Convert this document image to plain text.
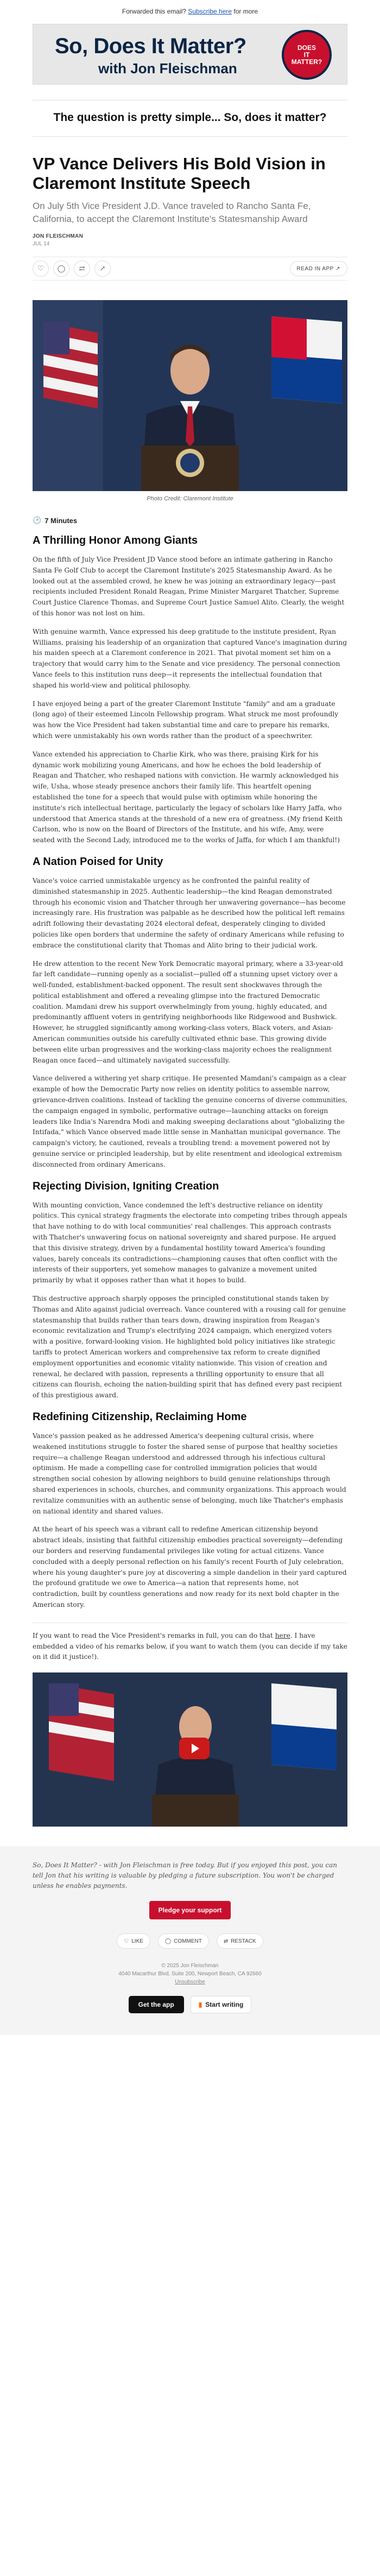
Forwarded this email? Subscribe here for more
So, Does It Matter?
with Jon Fleischman
DOES
IT
MATTER?
The question is pretty simple... So, does it matter?
VP Vance Delivers His Bold Vision in Claremont Institute Speech
On July 5th Vice President J.D. Vance traveled to Rancho Santa Fe, California, to accept the Claremont Institute's Statesmanship Award
JON FLEISCHMAN
JUL 14
♡	◯	⇄	↗	READ IN APP
↗
Photo Credit: Claremont Institute
🕑 7 Minutes
A Thrilling Honor Among Giants

On the fifth of July Vice President JD Vance stood before an intimate gathering in Rancho Santa Fe Golf Club to accept the Claremont Institute's 2025 Statesmanship Award. As he looked out at the assembled crowd, he knew he was joining an extraordinary legacy—past recipients included President Ronald Reagan, Prime Minister Margaret Thatcher, Supreme Court Justice Clarence Thomas, and Supreme Court Justice Samuel Alito. Clearly, the weight of this honor was not lost on him.

With genuine warmth, Vance expressed his deep gratitude to the institute president, Ryan Williams, praising his leadership of an organization that captured Vance's imagination during his maiden speech at a Claremont conference in 2021. That pivotal moment set him on a trajectory that would carry him to the Senate and vice presidency. The personal connection Vance feels to this institution runs deep—it represents the intellectual foundation that shaped his world-view and political philosophy.

I have enjoyed being a part of the greater Claremont Institute "family" and am a graduate (long ago) of their esteemed Lincoln Fellowship program. What struck me most profoundly was how the Vice President had taken substantial time and care to prepare his remarks, which were unmistakably his own words rather than the product of a speechwriter.

Vance extended his appreciation to Charlie Kirk, who was there, praising Kirk for his dynamic work mobilizing young Americans, and how he echoes the bold leadership of Reagan and Thatcher, who reshaped nations with conviction. He warmly acknowledged his wife, Usha, whose steady presence anchors their family life. This heartfelt opening established the tone for a speech that would pulse with optimism while honoring the institute's rich intellectual heritage, particularly the legacy of scholars like Harry Jaffa, who understood that America stands at the threshold of a new era of greatness. (My friend Keith Carlson, who is now on the Board of Directors of the Institute, and his wife, Amy, were seated with the Second Lady, introduced me to the works of Jaffa, for which I am thankful!)

A Nation Poised for Unity

Vance's voice carried unmistakable urgency as he confronted the painful reality of diminished statesmanship in 2025. Authentic leadership—the kind Reagan demonstrated through his economic vision and Thatcher through her unwavering governance—has become increasingly rare. His frustration was palpable as he described how the political left remains adrift following their devastating 2024 electoral defeat, desperately clinging to divided policies like open borders that undermine the safety of ordinary Americans while refusing to embrace the constitutional clarity that Thomas and Alito bring to their judicial work.

He drew attention to the recent New York Democratic mayoral primary, where a 33-year-old far left candidate—running openly as a socialist—pulled off a stunning upset victory over a well-funded, establishment-backed opponent. The result sent shockwaves through the political establishment and offered a revealing glimpse into the fractured Democratic coalition. Mamdani drew his support overwhelmingly from young, highly educated, and predominantly affluent voters in gentrifying neighborhoods like Ridgewood and Bushwick. However, he struggled significantly among working-class voters, Black voters, and Asian-American communities outside his carefully cultivated ethnic base. This growing divide between elite urban progressives and the working-class majority echoes the realignment Reagan once faced—and ultimately navigated successfully.

Vance delivered a withering yet sharp critique. He presented Mamdani's campaign as a clear example of how the Democratic Party now relies on identity politics to assemble narrow, grievance-driven coalitions. Instead of tackling the genuine concerns of diverse communities, the campaign engaged in symbolic, performative outrage—launching attacks on foreign leaders like India's Narendra Modi and making sweeping declarations about "globalizing the Intifada," which Vance observed made little sense in Manhattan municipal governance. The campaign's victory, he cautioned, reveals a troubling trend: a movement powered not by genuine service or principled leadership, but by elite resentment and ideological extremism disconnected from ordinary Americans.

Rejecting Division, Igniting Creation

With mounting conviction, Vance condemned the left's destructive reliance on identity politics. This cynical strategy fragments the electorate into competing tribes through appeals that have nothing to do with local communities' real challenges. This approach contrasts with Thatcher's unwavering focus on national sovereignty and shared purpose. He argued that this divisive strategy, driven by a fundamental hostility toward America's founding values, barely conceals its contradictions—championing causes that often conflict with the interests of their supporters, yet somehow manages to galvanize a movement united primarily by what it opposes rather than what it hopes to build.

This destructive approach sharply opposes the principled constitutional stands taken by Thomas and Alito against judicial overreach. Vance countered with a rousing call for genuine statesmanship that builds rather than tears down, drawing inspiration from Reagan's economic revitalization and Trump's electrifying 2024 campaign, which energized voters with a positive, forward-looking vision. He highlighted bold policy initiatives like strategic tariffs to protect American workers and comprehensive tax reform to create dignified employment opportunities and economic vitality nationwide. This vision of creation and renewal, he declared with passion, represents a thrilling opportunity to ensure that all citizens can flourish, echoing the nation-building spirit that has defined every past recipient of this prestigious award.

Redefining Citizenship, Reclaiming Home

Vance's passion peaked as he addressed America's deepening cultural crisis, where weakened institutions struggle to foster the shared sense of purpose that healthy societies require—a challenge Reagan understood and addressed through his infectious cultural optimism. He made a compelling case for controlled immigration policies that would strengthen social cohesion by allowing neighbors to build genuine relationships through shared experiences in schools, churches, and community organizations. This approach would revitalize communities with an authentic sense of belonging, much like Thatcher's emphasis on national identity and shared values.

At the heart of his speech was a vibrant call to redefine American citizenship beyond abstract ideals, insisting that faithful citizenship embodies practical sovereignty—defending our borders and reserving fundamental privileges like voting for actual citizens. Vance concluded with a deeply personal reflection on his family's recent Fourth of July celebration, where his young daughter's pure joy at discovering a simple dandelion in their yard captured the profound gratitude we owe to America—a nation that represents home, not contradiction, built by countless generations and now ready for its next bold chapter in the American story.

If you want to read the Vice President's remarks in full, you can do that here. I have embedded a video of his remarks below, if you want to watch them (you can decide if my take on it did it justice!).

So, Does It Matter? - with Jon Fleischman is free today. But if you enjoyed this post, you can tell Jon that his writing is valuable by pledging a future subscription. You won't be charged unless he enables payments.
Pledge your support
♡ LIKE	◯ COMMENT	⇄ RESTACK
© 2025 Jon Fleischman
4040 Macarthur Blvd, Suite 200, Newport Beach, CA 92660
Unsubscribe
Get the app	▮ Start writing
